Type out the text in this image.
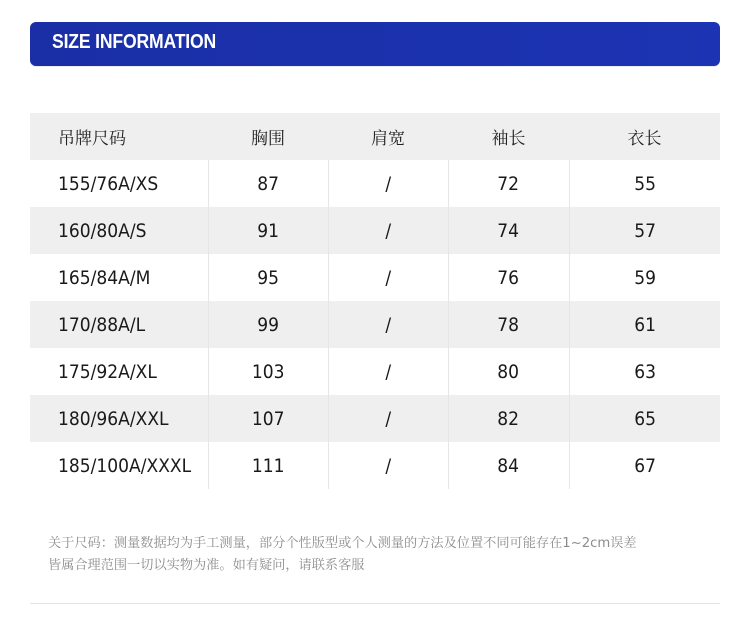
SIZE INFORMATION
吊牌尺码	胸围	肩宽	袖长	衣长
155/76A/XS	87	/	72	55
160/80A/S	91	/	74	57
165/84A/M	95	/	76	59
170/88A/L	99	/	78	61
175/92A/XL	103	/	80	63
180/96A/XXL	107	/	82	65
185/100A/XXXL	111	/	84	67
关于尺码：测量数据均为手工测量，部分个性版型或个人测量的方法及位置不同可能存在1~2cm误差
皆属合理范围一切以实物为准。如有疑问，请联系客服
